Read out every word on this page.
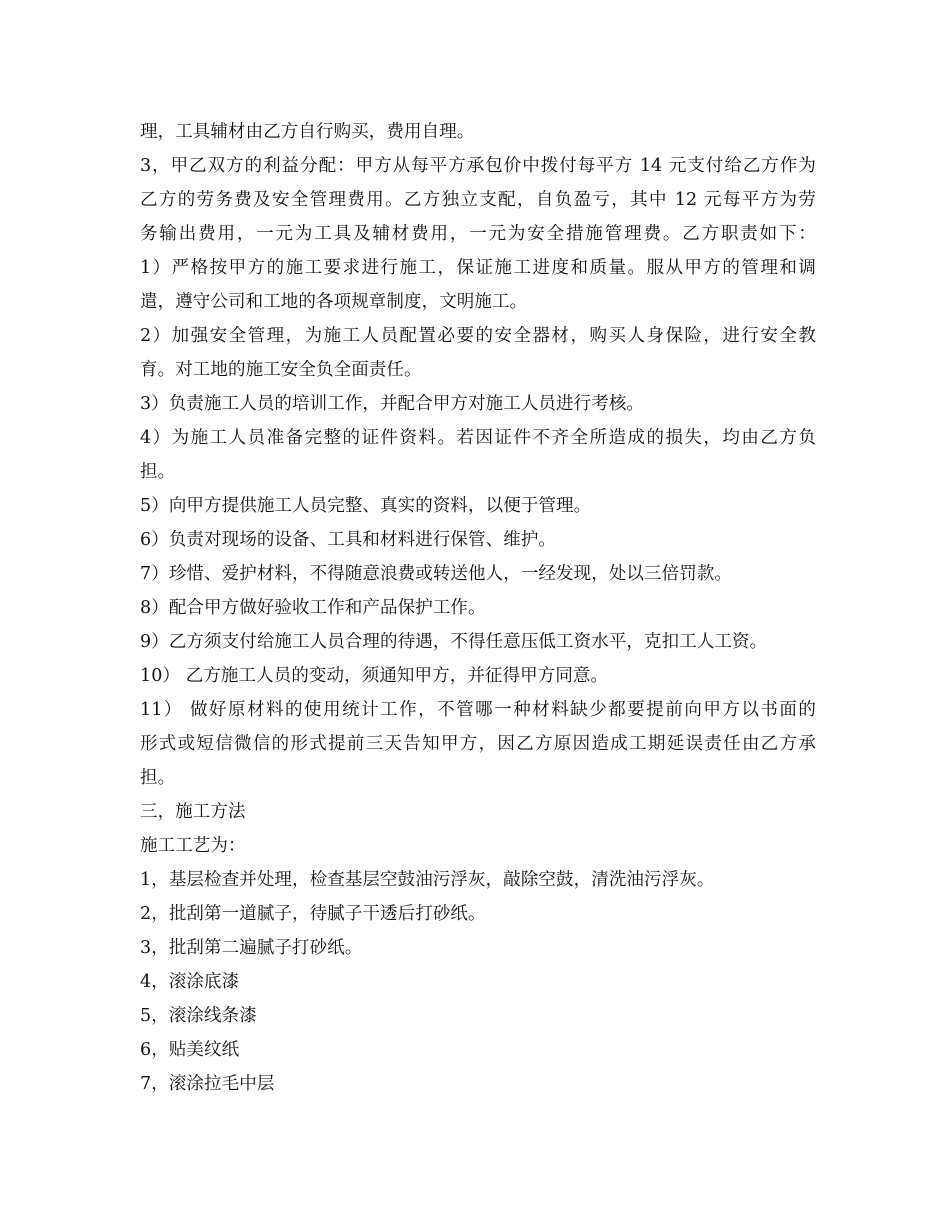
理，工具辅材由乙方自行购买，费用自理。
3，甲乙双方的利益分配：甲方从每平方承包价中拨付每平方 14 元支付给乙方作为
乙方的劳务费及安全管理费用。乙方独立支配，自负盈亏，其中 12 元每平方为劳
务输出费用，一元为工具及辅材费用，一元为安全措施管理费。乙方职责如下：
1）严格按甲方的施工要求进行施工，保证施工进度和质量。服从甲方的管理和调
遣，遵守公司和工地的各项规章制度，文明施工。
2）加强安全管理，为施工人员配置必要的安全器材，购买人身保险，进行安全教
育。对工地的施工安全负全面责任。
3）负责施工人员的培训工作，并配合甲方对施工人员进行考核。
4）为施工人员准备完整的证件资料。若因证件不齐全所造成的损失，均由乙方负
担。
5）向甲方提供施工人员完整、真实的资料，以便于管理。
6）负责对现场的设备、工具和材料进行保管、维护。
7）珍惜、爱护材料，不得随意浪费或转送他人，一经发现，处以三倍罚款。
8）配合甲方做好验收工作和产品保护工作。
9）乙方须支付给施工人员合理的待遇，不得任意压低工资水平，克扣工人工资。
10） 乙方施工人员的变动，须通知甲方，并征得甲方同意。
11） 做好原材料的使用统计工作，不管哪一种材料缺少都要提前向甲方以书面的
形式或短信微信的形式提前三天告知甲方，因乙方原因造成工期延误责任由乙方承
担。
三，施工方法
施工工艺为：
1，基层检查并处理，检查基层空鼓油污浮灰，敲除空鼓，清洗油污浮灰。
2，批刮第一道腻子，待腻子干透后打砂纸。
3，批刮第二遍腻子打砂纸。
4，滚涂底漆
5，滚涂线条漆
6，贴美纹纸
7，滚涂拉毛中层
